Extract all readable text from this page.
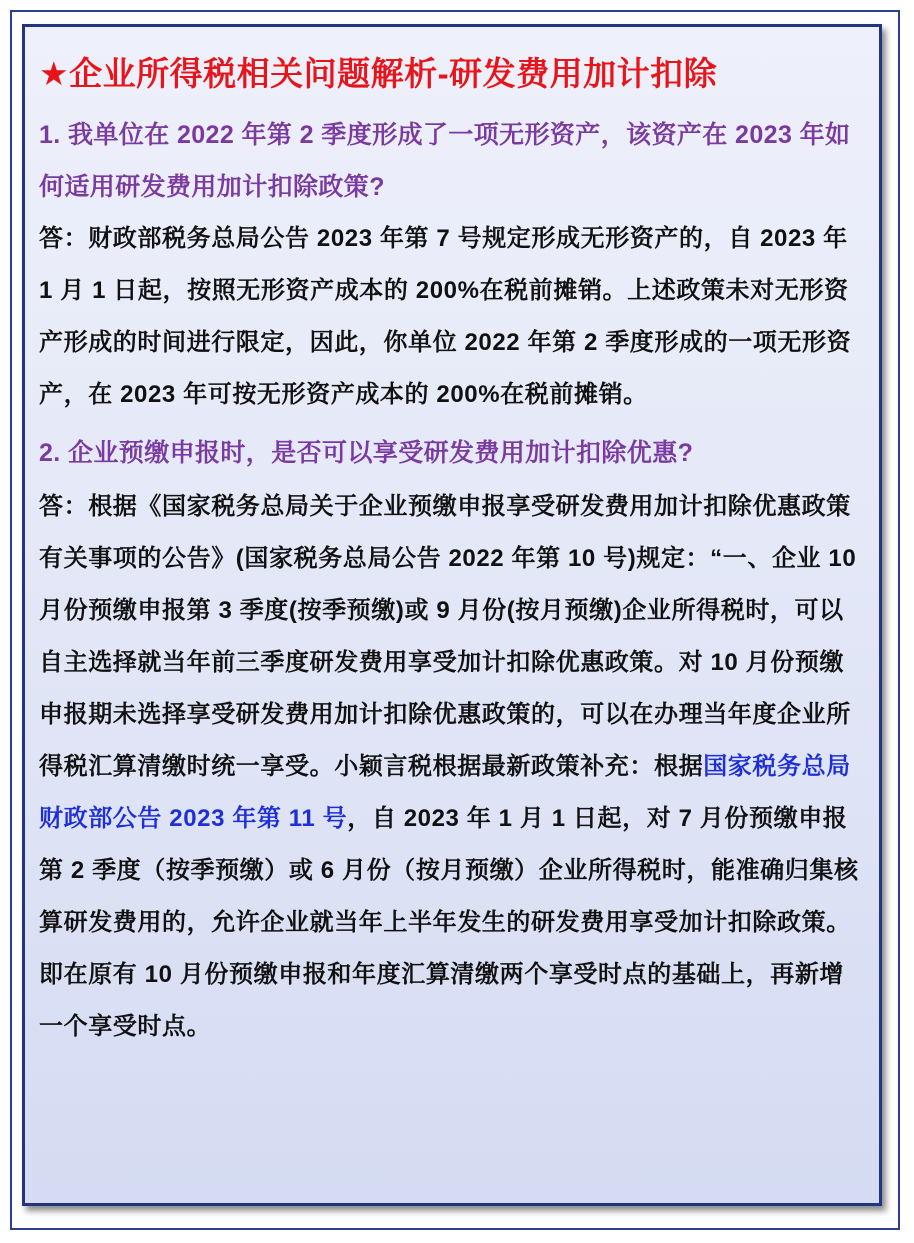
★企业所得税相关问题解析-研发费用加计扣除

1. 我单位在 2022 年第 2 季度形成了一项无形资产，该资产在 2023 年如何适用研发费用加计扣除政策?

答：财政部税务总局公告 2023 年第 7 号规定形成无形资产的，自 2023 年 1 月 1 日起，按照无形资产成本的 200%在税前摊销。上述政策未对无形资产形成的时间进行限定，因此，你单位 2022 年第 2 季度形成的一项无形资产，在 2023 年可按无形资产成本的 200%在税前摊销。

2. 企业预缴申报时，是否可以享受研发费用加计扣除优惠?

答：根据《国家税务总局关于企业预缴申报享受研发费用加计扣除优惠政策有关事项的公告》(国家税务总局公告 2022 年第 10 号)规定：“一、企业 10 月份预缴申报第 3 季度(按季预缴)或 9 月份(按月预缴)企业所得税时，可以自主选择就当年前三季度研发费用享受加计扣除优惠政策。对 10 月份预缴申报期未选择享受研发费用加计扣除优惠政策的，可以在办理当年度企业所得税汇算清缴时统一享受。小颖言税根据最新政策补充：根据国家税务总局 财政部公告 2023 年第 11 号，自 2023 年 1 月 1 日起，对 7 月份预缴申报第 2 季度（按季预缴）或 6 月份（按月预缴）企业所得税时，能准确归集核算研发费用的，允许企业就当年上半年发生的研发费用享受加计扣除政策。即在原有 10 月份预缴申报和年度汇算清缴两个享受时点的基础上，再新增一个享受时点。
